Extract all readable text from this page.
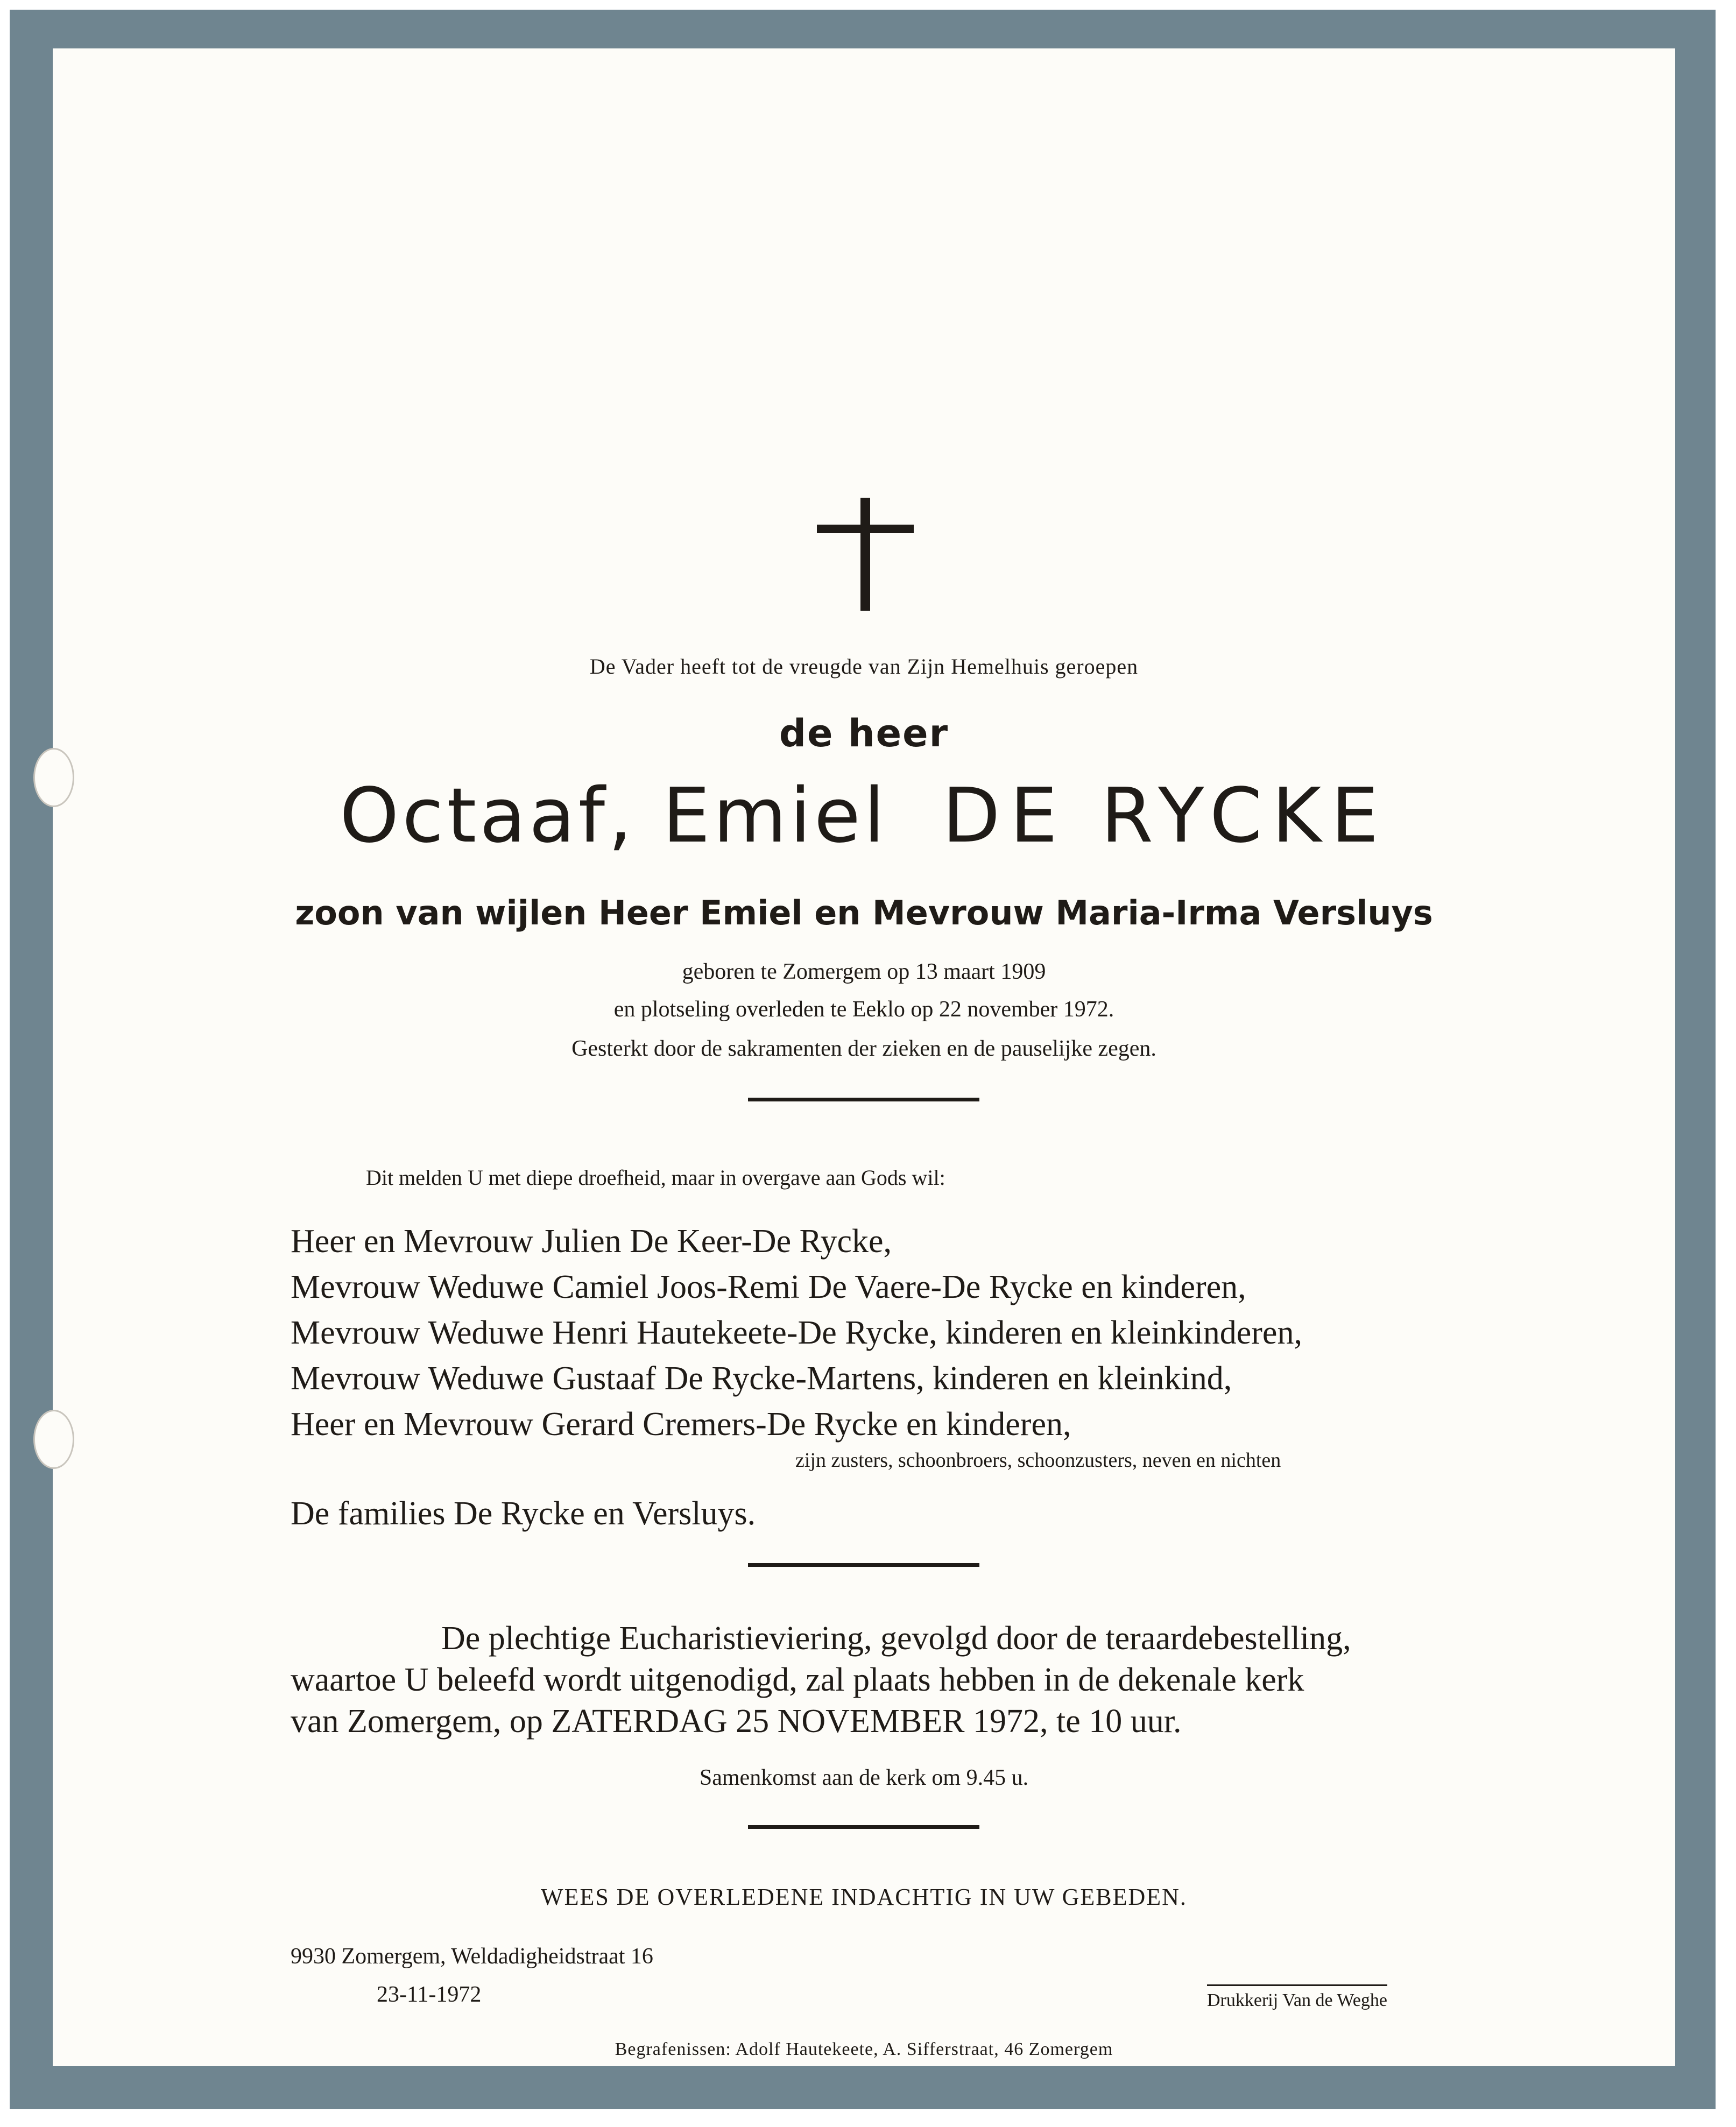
De Vader heeft tot de vreugde van Zijn Hemelhuis geroepen
de heer
Octaaf, Emiel DE RYCKE
zoon van wijlen Heer Emiel en Mevrouw Maria-Irma Versluys
geboren te Zomergem op 13 maart 1909
en plotseling overleden te Eeklo op 22 november 1972.
Gesterkt door de sakramenten der zieken en de pauselijke zegen.
Dit melden U met diepe droefheid, maar in overgave aan Gods wil:
Heer en Mevrouw Julien De Keer-De Rycke,
Mevrouw Weduwe Camiel Joos-Remi De Vaere-De Rycke en kinderen,
Mevrouw Weduwe Henri Hautekeete-De Rycke, kinderen en kleinkinderen,
Mevrouw Weduwe Gustaaf De Rycke-Martens, kinderen en kleinkind,
Heer en Mevrouw Gerard Cremers-De Rycke en kinderen,
zijn zusters, schoonbroers, schoonzusters, neven en nichten
De families De Rycke en Versluys.
De plechtige Eucharistieviering, gevolgd door de teraardebestelling,
waartoe U beleefd wordt uitgenodigd, zal plaats hebben in de dekenale kerk
van Zomergem, op ZATERDAG 25 NOVEMBER 1972, te 10 uur.
Samenkomst aan de kerk om 9.45 u.
WEES DE OVERLEDENE INDACHTIG IN UW GEBEDEN.
9930 Zomergem, Weldadigheidstraat 16
23-11-1972	Drukkerij Van de Weghe
Begrafenissen: Adolf Hautekeete, A. Sifferstraat, 46 Zomergem
